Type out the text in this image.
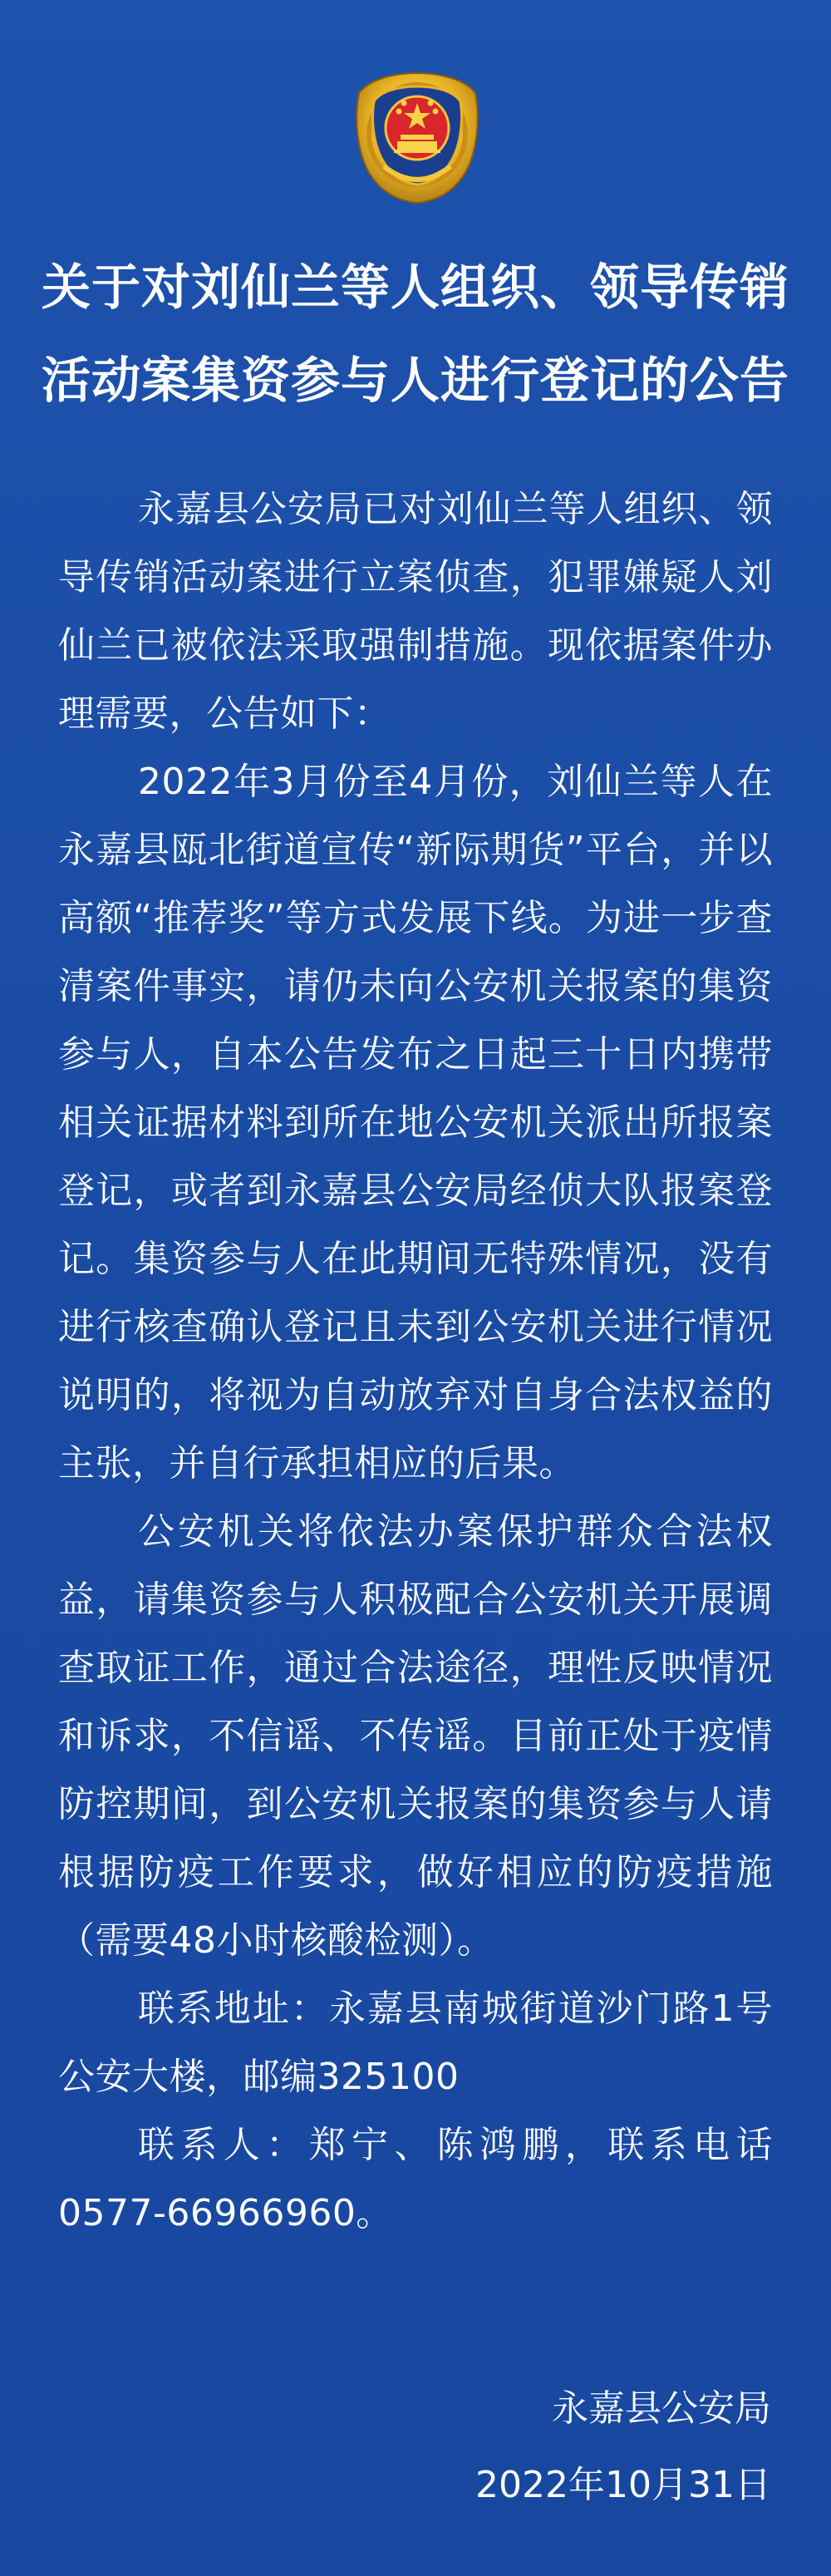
关于对刘仙兰等人组织、领导传销
活动案集资参与人进行登记的公告

永嘉县公安局已对刘仙兰等人组织、领导传销活动案进行立案侦查，犯罪嫌疑人刘仙兰已被依法采取强制措施。现依据案件办理需要，公告如下：

2022年3月份至4月份，刘仙兰等人在永嘉县瓯北街道宣传“新际期货”平台，并以高额“推荐奖”等方式发展下线。为进一步查清案件事实，请仍未向公安机关报案的集资参与人，自本公告发布之日起三十日内携带相关证据材料到所在地公安机关派出所报案登记，或者到永嘉县公安局经侦大队报案登记。集资参与人在此期间无特殊情况，没有进行核查确认登记且未到公安机关进行情况说明的，将视为自动放弃对自身合法权益的主张，并自行承担相应的后果。

公安机关将依法办案保护群众合法权益，请集资参与人积极配合公安机关开展调查取证工作，通过合法途径，理性反映情况和诉求，不信谣、不传谣。目前正处于疫情防控期间，到公安机关报案的集资参与人请根据防疫工作要求，做好相应的防疫措施（需要48小时核酸检测）。

联系地址：永嘉县南城街道沙门路1号公安大楼，邮编325100

联系人：郑宁、陈鸿鹏，联系电话0577-66966960。

永嘉县公安局
2022年10月31日
